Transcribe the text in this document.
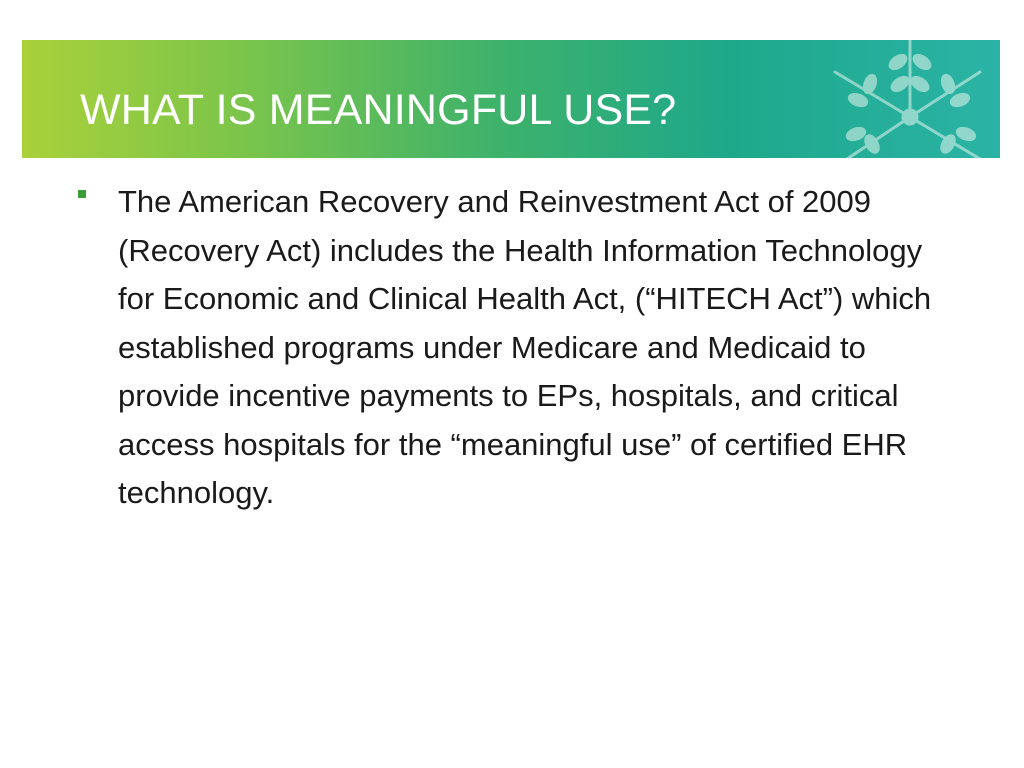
WHAT IS MEANINGFUL USE?

The American Recovery and Reinvestment Act of 2009 (Recovery Act) includes the Health Information Technology for Economic and Clinical Health Act, (“HITECH Act”) which established programs under Medicare and Medicaid to provide incentive payments to EPs, hospitals, and critical access hospitals for the “meaningful use” of certified EHR technology.
